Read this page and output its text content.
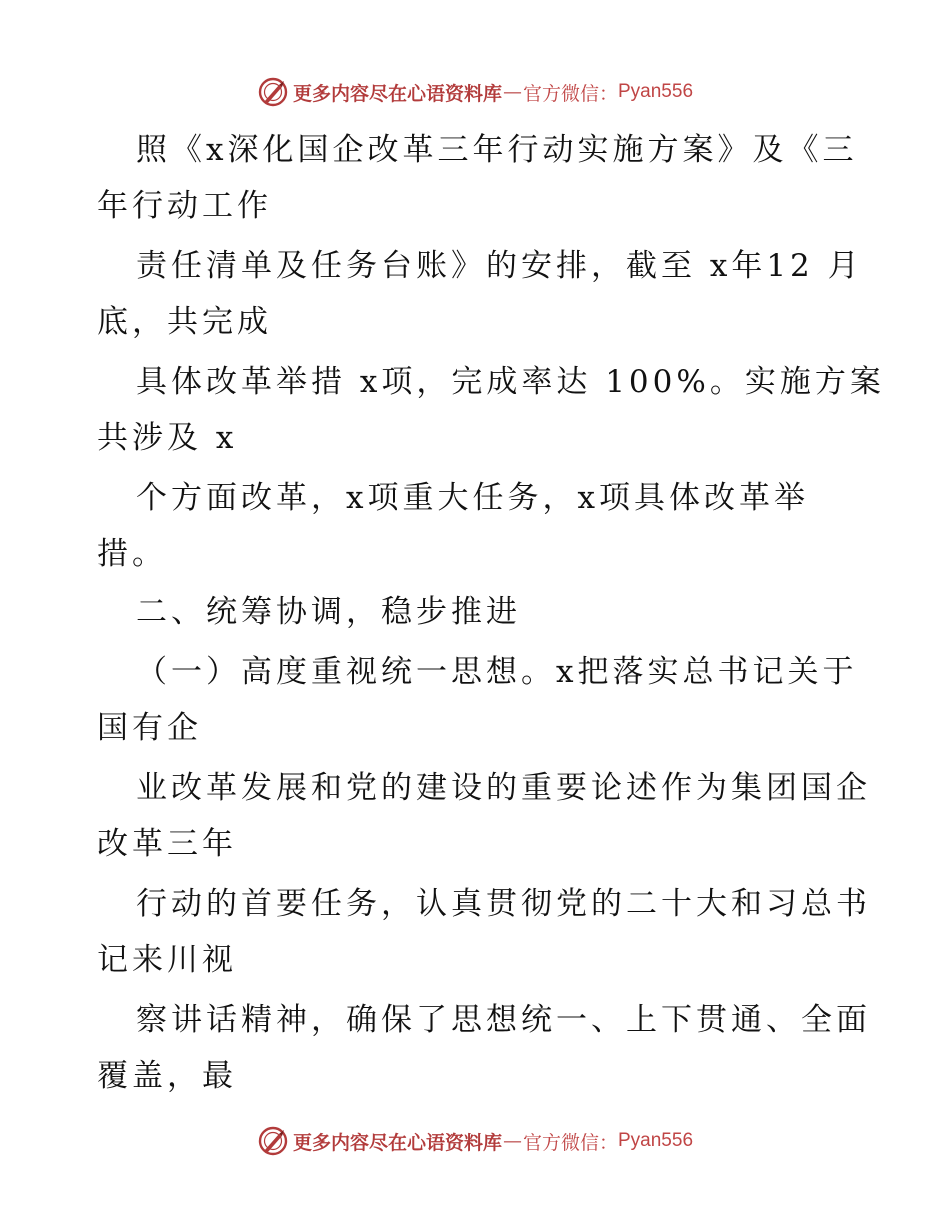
更多内容尽在心语资料库 — 官方微信： Pyan556
照《x深化国企改革三年行动实施方案》及《三
年行动工作
责任清单及任务台账》的安排，截至 x年12 月
底，共完成
具体改革举措 x项，完成率达 100%。实施方案
共涉及 x
个方面改革，x项重大任务，x项具体改革举
措。
二、统筹协调，稳步推进
（一）高度重视统一思想。x把落实总书记关于
国有企
业改革发展和党的建设的重要论述作为集团国企
改革三年
行动的首要任务，认真贯彻党的二十大和习总书
记来川视
察讲话精神，确保了思想统一、上下贯通、全面
覆盖，最
更多内容尽在心语资料库 — 官方微信： Pyan556
